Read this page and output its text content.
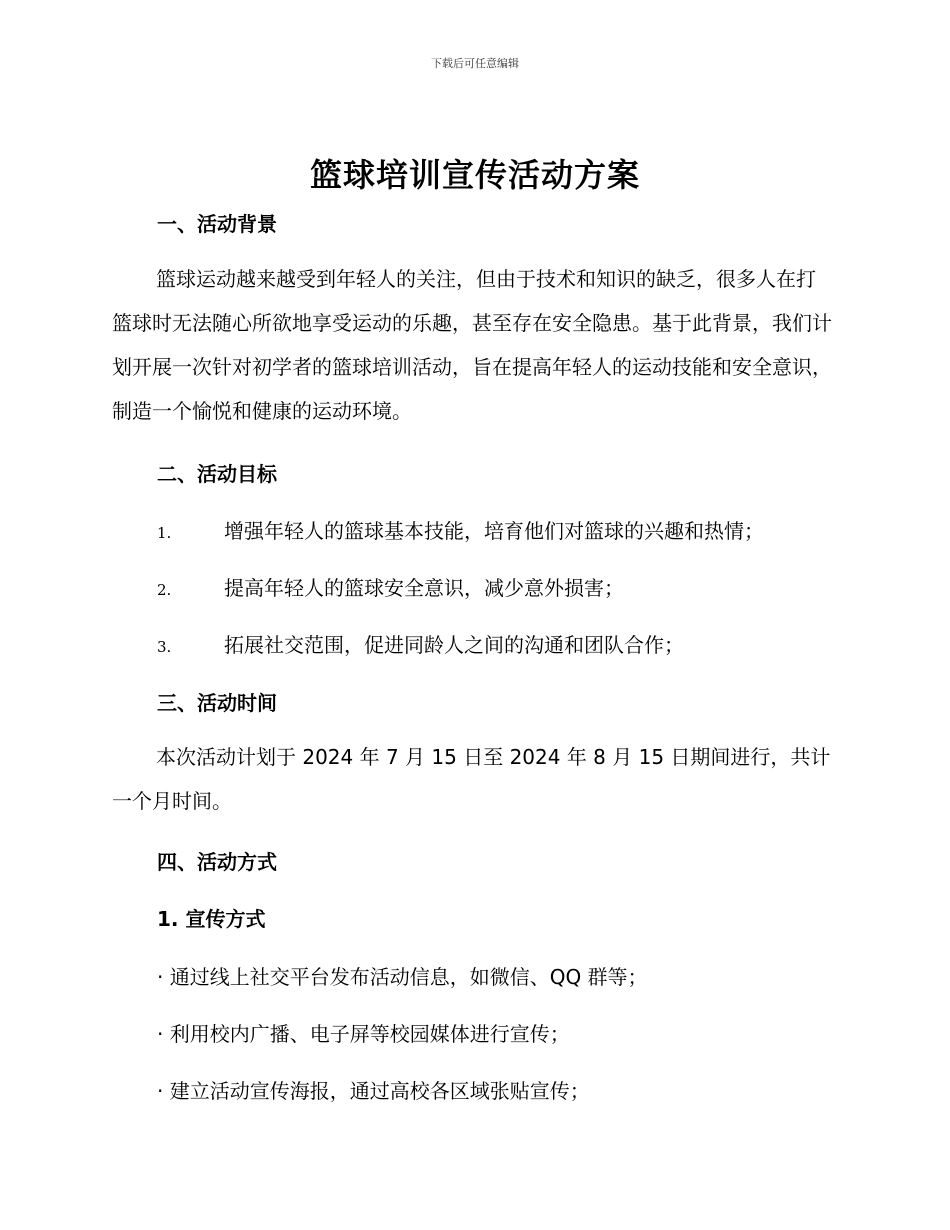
下载后可任意编辑
篮球培训宣传活动方案
一、活动背景
篮球运动越来越受到年轻人的关注，但由于技术和知识的缺乏，很多人在打篮球时无法随心所欲地享受运动的乐趣，甚至存在安全隐患。基于此背景，我们计划开展一次针对初学者的篮球培训活动，旨在提高年轻人的运动技能和安全意识，制造一个愉悦和健康的运动环境。
二、活动目标
1.	增强年轻人的篮球基本技能，培育他们对篮球的兴趣和热情；
2.	提高年轻人的篮球安全意识，减少意外损害；
3.	拓展社交范围，促进同龄人之间的沟通和团队合作；
三、活动时间
本次活动计划于 2024 年 7 月 15 日至 2024 年 8 月 15 日期间进行，共计一个月时间。
四、活动方式
1. 宣传方式
· 通过线上社交平台发布活动信息，如微信、QQ 群等；
· 利用校内广播、电子屏等校园媒体进行宣传；
· 建立活动宣传海报，通过高校各区域张贴宣传；
